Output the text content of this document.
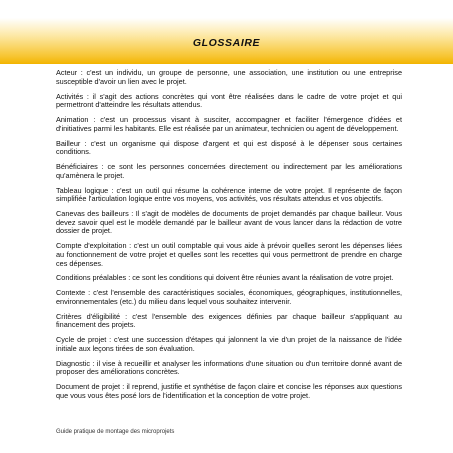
GLOSSAIRE

Acteur : c'est un individu, un groupe de personne, une association, une institution ou une entreprise susceptible d'avoir un lien avec le projet.

Activités : il s'agit des actions concrètes qui vont être réalisées dans le cadre de votre projet et qui permettront d'atteindre les résultats attendus.

Animation : c'est un processus visant à susciter, accompagner et faciliter l'émergence d'idées et d'initiatives parmi les habitants. Elle est réalisée par un animateur, technicien ou agent de développement.

Bailleur : c'est un organisme qui dispose d'argent et qui est disposé à le dépenser sous certaines conditions.

Bénéficiaires : ce sont les personnes concernées directement ou indirectement par les améliorations qu'amènera le projet.

Tableau logique : c'est un outil qui résume la cohérence interne de votre projet. Il représente de façon simplifiée l'articulation logique entre vos moyens, vos activités, vos résultats attendus et vos objectifs.

Canevas des bailleurs : Il s'agit de modèles de documents de projet demandés par chaque bailleur. Vous devez savoir quel est le modèle demandé par le bailleur avant de vous lancer dans la rédaction de votre dossier de projet.

Compte d'exploitation : c'est un outil comptable qui vous aide à prévoir quelles seront les dépenses liées au fonctionnement de votre projet et quelles sont les recettes qui vous permettront de prendre en charge ces dépenses.

Conditions préalables : ce sont les conditions qui doivent être réunies avant la réalisation de votre projet.

Contexte : c'est l'ensemble des caractéristiques sociales, économiques, géographiques, institutionnelles, environnementales (etc.) du milieu dans lequel vous souhaitez intervenir.

Critères d'éligibilité : c'est l'ensemble des exigences définies par chaque bailleur s'appliquant au financement des projets.

Cycle de projet : c'est une succession d'étapes qui jalonnent la vie d'un projet de la naissance de l'idée initiale aux leçons tirées de son évaluation.

Diagnostic : il vise à recueillir et analyser les informations d'une situation ou d'un territoire donné avant de proposer des améliorations concrètes.

Document de projet : il reprend, justifie et synthétise de façon claire et concise les réponses aux questions que vous vous êtes posé lors de l'identification et la conception de votre projet.

Guide pratique de montage des microprojets
